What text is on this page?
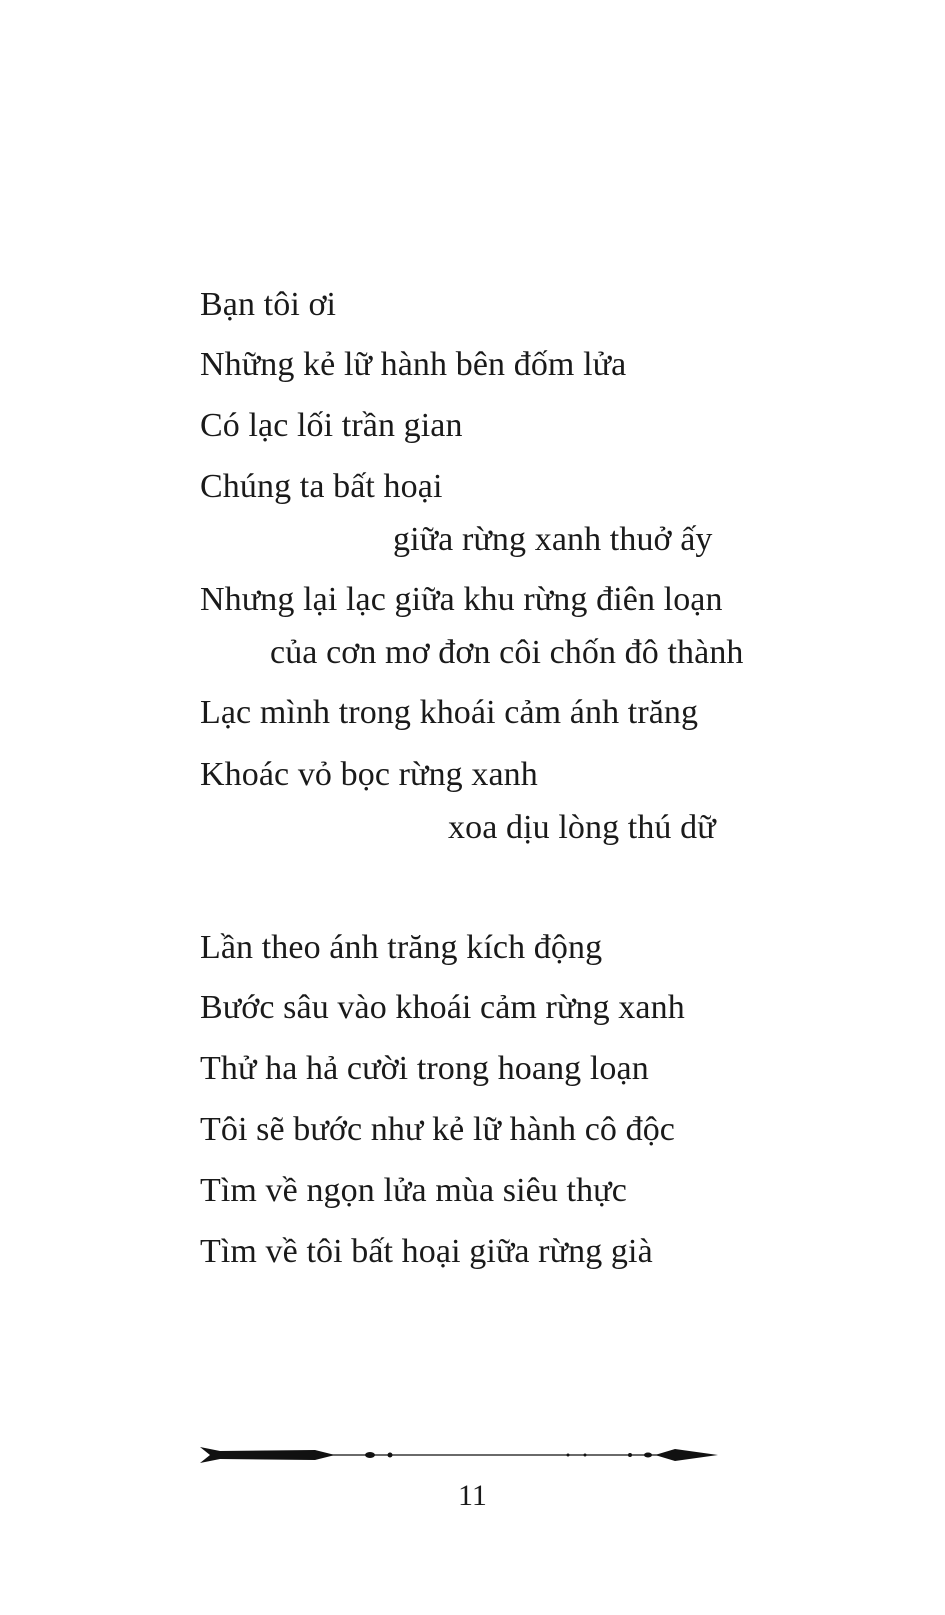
Bạn tôi ơi
Những kẻ lữ hành bên đốm lửa
Có lạc lối trần gian
Chúng ta bất hoại
giữa rừng xanh thuở ấy
Nhưng lại lạc giữa khu rừng điên loạn
của cơn mơ đơn côi chốn đô thành
Lạc mình trong khoái cảm ánh trăng
Khoác vỏ bọc rừng xanh
xoa dịu lòng thú dữ
Lần theo ánh trăng kích động
Bước sâu vào khoái cảm rừng xanh
Thử ha hả cười trong hoang loạn
Tôi sẽ bước như kẻ lữ hành cô độc
Tìm về ngọn lửa mùa siêu thực
Tìm về tôi bất hoại giữa rừng già
11
